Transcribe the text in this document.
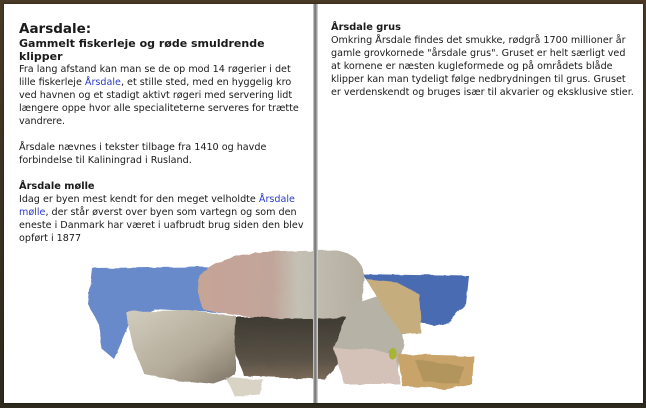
Aarsdale:
Gammelt fiskerleje og røde smuldrende klipper

Fra lang afstand kan man se de op mod 14 røgerier i det lille fiskerleje Årsdale, et stille sted, med en hyggelig kro ved havnen og et stadigt aktivt røgeri med servering lidt længere oppe hvor alle specialiteterne serveres for trætte vandrere.

Årsdale nævnes i tekster tilbage fra 1410 og havde forbindelse til Kaliningrad i Rusland.

Årsdale mølle

Idag er byen mest kendt for den meget velholdte Årsdale mølle, der står øverst over byen som vartegn og som den eneste i Danmark har været i uafbrudt brug siden den blev opført i 1877

Årsdale grus

Omkring Årsdale findes det smukke, rødgrå 1700 millioner år gamle grovkornede "årsdale grus". Gruset er helt særligt ved at kornene er næsten kugleformede og på områdets blåde klipper kan man tydeligt følge nedbrydningen til grus. Gruset er verdenskendt og bruges især til akvarier og eksklusive stier.
